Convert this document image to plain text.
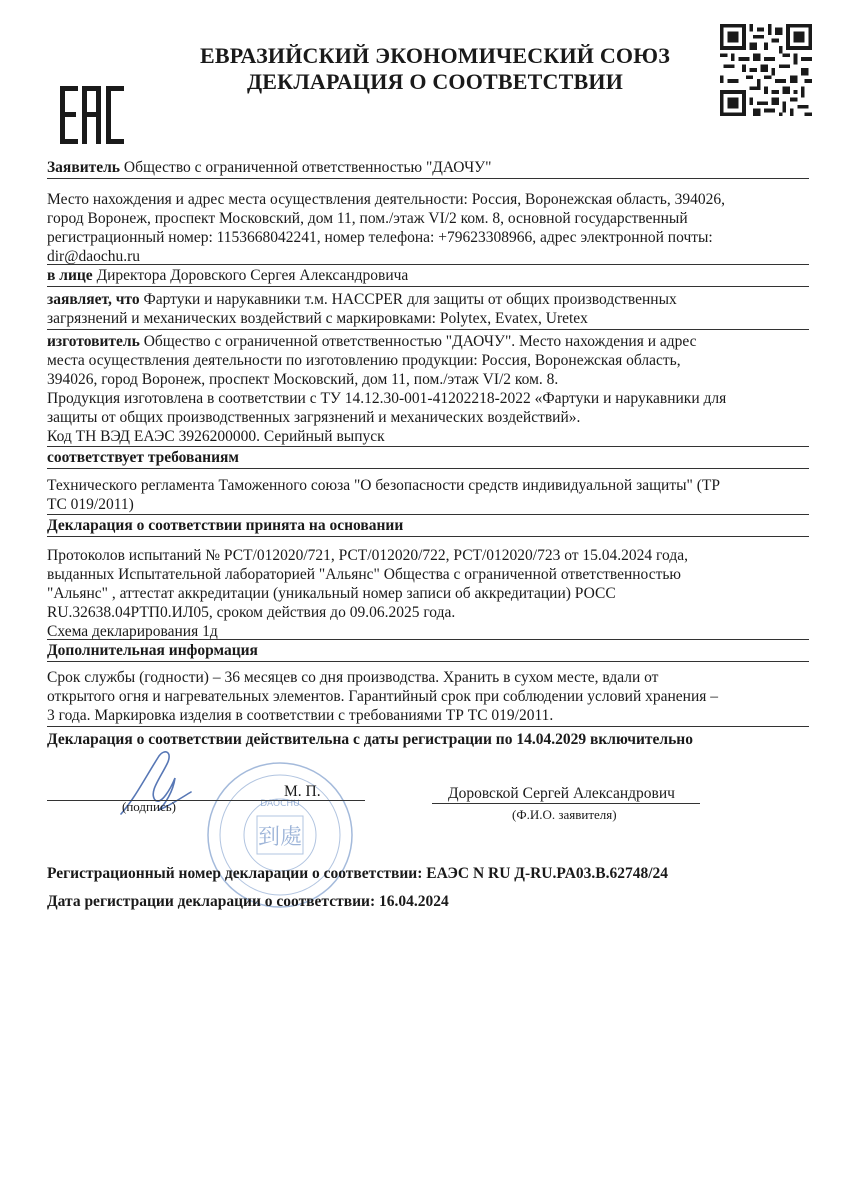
ЕВРАЗИЙСКИЙ ЭКОНОМИЧЕСКИЙ СОЮЗ
ДЕКЛАРАЦИЯ О СООТВЕТСТВИИ
Заявитель Общество с ограниченной ответственностью "ДАОЧУ"
Место нахождения и адрес места осуществления деятельности: Россия, Воронежская область, 394026,
город Воронеж, проспект Московский, дом 11, пом./этаж VI/2 ком. 8, основной государственный
регистрационный номер: 1153668042241, номер телефона: +79623308966, адрес электронной почты:
dir@daochu.ru
в лице Директора Доровского Сергея Александровича
заявляет, что Фартуки и нарукавники т.м. HACCPER для защиты от общих производственных
загрязнений и механических воздействий с маркировками: Polytex, Evatex, Uretex
изготовитель Общество с ограниченной ответственностью "ДАОЧУ". Место нахождения и адрес
места осуществления деятельности по изготовлению продукции: Россия, Воронежская область,
394026, город Воронеж, проспект Московский, дом 11, пом./этаж VI/2 ком. 8.
Продукция изготовлена в соответствии с ТУ 14.12.30-001-41202218-2022 «Фартуки и нарукавники для
защиты от общих производственных загрязнений и механических воздействий».
Код ТН ВЭД ЕАЭС 3926200000. Серийный выпуск
соответствует требованиям
Технического регламента Таможенного союза "О безопасности средств индивидуальной защиты" (ТР
ТС 019/2011)
Декларация о соответствии принята на основании
Протоколов испытаний № РСТ/012020/721, РСТ/012020/722, РСТ/012020/723 от 15.04.2024 года,
выданных Испытательной лабораторией "Альянс" Общества с ограниченной ответственностью
"Альянс" , аттестат аккредитации (уникальный номер записи об аккредитации) РОСС
RU.32638.04РТП0.ИЛ05, сроком действия до 09.06.2025 года.
Схема декларирования 1д
Дополнительная информация
Срок службы (годности) – 36 месяцев со дня производства. Хранить в сухом месте, вдали от
открытого огня и нагревательных элементов. Гарантийный срок при соблюдении условий хранения –
3 года. Маркировка изделия в соответствии с требованиями ТР ТС 019/2011.
Декларация о соответствии действительна с даты регистрации по 14.04.2029 включительно
到處
DAOCHU
М. П.
(подпись)
Доровской Сергей Александрович
(Ф.И.О. заявителя)
Регистрационный номер декларации о соответствии: ЕАЭС N RU Д-RU.PA03.B.62748/24
Дата регистрации декларации о соответствии: 16.04.2024
